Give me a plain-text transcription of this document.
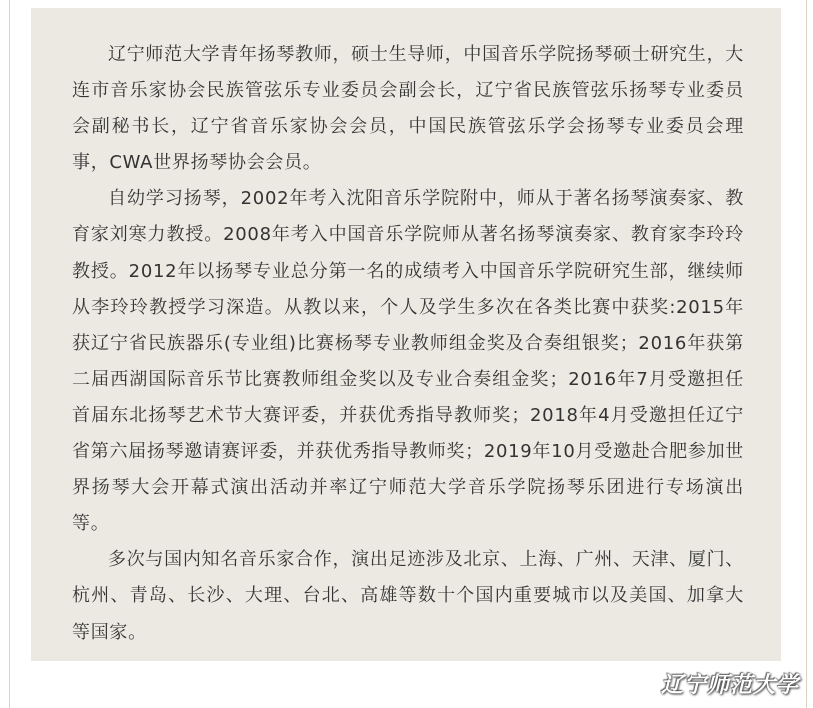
辽宁师范大学青年扬琴教师，硕士生导师，中国音乐学院扬琴硕士研究生，大连市音乐家协会民族管弦乐专业委员会副会长，辽宁省民族管弦乐扬琴专业委员会副秘书长，辽宁省音乐家协会会员，中国民族管弦乐学会扬琴专业委员会理事，CWA世界扬琴协会会员。

自幼学习扬琴，2002年考入沈阳音乐学院附中，师从于著名扬琴演奏家、教育家刘寒力教授。2008年考入中国音乐学院师从著名扬琴演奏家、教育家李玲玲教授。2012年以扬琴专业总分第一名的成绩考入中国音乐学院研究生部，继续师从李玲玲教授学习深造。从教以来，个人及学生多次在各类比赛中获奖:2015年获辽宁省民族器乐(专业组)比赛杨琴专业教师组金奖及合奏组银奖；2016年获第二届西湖国际音乐节比赛教师组金奖以及专业合奏组金奖；2016年7月受邀担任首届东北扬琴艺术节大赛评委，并获优秀指导教师奖；2018年4月受邀担任辽宁省第六届扬琴邀请赛评委，并获优秀指导教师奖；2019年10月受邀赴合肥参加世界扬琴大会开幕式演出活动并率辽宁师范大学音乐学院扬琴乐团进行专场演出等。

多次与国内知名音乐家合作，演出足迹涉及北京、上海、广州、天津、厦门、杭州、青岛、长沙、大理、台北、高雄等数十个国内重要城市以及美国、加拿大等国家。

辽宁师范大学
